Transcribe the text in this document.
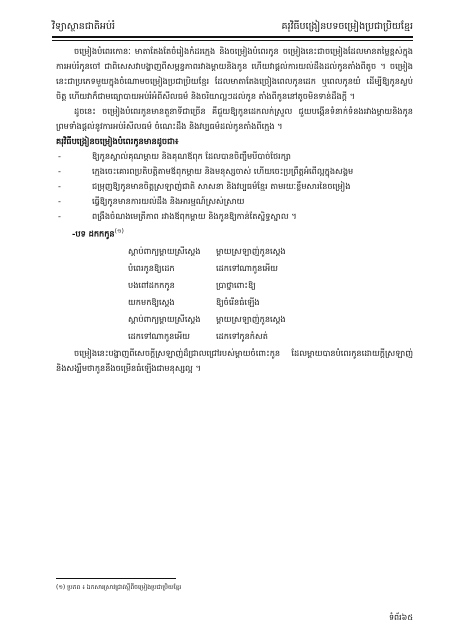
វិទ្យាស្ថានជាតិអប់រំ	គរុវិធីបង្រៀនបទចម្រៀងប្រជាប្រិយខ្មែរ

ចម្រៀងបំពេរកោនៈ មាតាតែងតែចំរៀងកំដរក្មេង និងចម្រៀងបំពេរកូន ចម្រៀងនេះជាចម្រៀងដែលមានតម្លៃខ្ពស់ក្នុងការអប់រំកូនចៅ ជាពិសេសវាបង្ហាញពីសម្ពន្ធភាពរវាងម្ដាយនិងកូន ហើយវាផ្ដល់ការយល់ដឹងដល់កូនតាំងពីតូច ។ ចម្រៀងនេះជាប្រភេទមួយក្នុងចំណោមចម្រៀងប្រជាប្រិយខ្មែរ ដែលមាតាតែងច្រៀងពេលកូនដេក ឬពេលកូនយំ ដើម្បីឱ្យកូនស្ងប់ចិត្ត ហើយវាក៏ជាមធ្យោបាយអប់រំអំពីសីលធម៌ និងចរិយាល្អៗដល់កូន តាំងពីកូននៅតូចមិនទាន់ដឹងក្ដី ។

ដូចនេះ ចម្រៀងបំពេរកូនមានតួនាទីជាច្រើន គឺជួយឱ្យកូនដេកលក់ស្រួល ជួយបង្កើនទំនាក់ទំនងរវាងម្ដាយនិងកូន ព្រមទាំងផ្ដល់នូវការអប់រំសីលធម៌ ចំណេះដឹង និងវប្បធម៌ដល់កូនតាំងពីក្មេង ។

គរុវិធីបង្រៀនចម្រៀងបំពេរកូនមានដូចជា៖

- ឱ្យកូនស្គាល់គុណម្ដាយ និងគុណឪពុក ដែលបានចិញ្ចឹមបីបាច់ថែរក្សា
- ក្មេងចេះគោរពប្រតិបត្តិតាមឪពុកម្ដាយ និងមនុស្សចាស់ ហើយចេះប្រព្រឹត្តអំពើល្អក្នុងសង្គម
- ជម្រុញឱ្យកូនមានចិត្តស្រឡាញ់ជាតិ សាសនា និងវប្បធម៌ខ្មែរ តាមរយៈខ្លឹមសារនៃចម្រៀង
- ធ្វើឱ្យកូនមានការយល់ដឹង និងអារម្មណ៍ស្រស់ស្រាយ
- ពង្រឹងចំណងមេត្រីភាព រវាងឪពុកម្ដាយ និងកូនឱ្យកាន់តែស្និទ្ធស្នាល ។

-បទ ដកកកូន$^{(១)}$

ស្ដាប់ពាក្យម្ដាយស្រីស្ដេង	ម្ដាយស្រឡាញ់កូនស្ដេង
បំពេរកូនឱ្យដេក	ដេកទៅណាកូនអើយ
បងពៅដកកកូន	ប្រាថ្នាពោះឱ្យ
យកមកឱ្យស្ដេង	ឱ្យចំរើនធំឡើង
ស្ដាប់ពាក្យម្ដាយស្រីស្ដេង	ម្ដាយស្រឡាញ់កូនស្ដេង
ដេកទៅណាកូនអើយ	ដេកទៅកូនកំសត់

ចម្រៀងនេះបង្ហាញពីសេចក្ដីស្រឡាញ់ដ៏ជ្រាលជ្រៅរបស់ម្ដាយចំពោះកូន ដែលម្ដាយបានបំពេរកូនដោយក្ដីស្រឡាញ់ និងសង្ឃឹមថាកូននឹងចម្រើនធំឡើងជាមនុស្សល្អ ។

(១) ប្រភព ៖ ឯកសារស្រាវជ្រាវស្ដីពីចម្រៀងប្រជាប្រិយខ្មែរ
ទំព័រ៦៥
